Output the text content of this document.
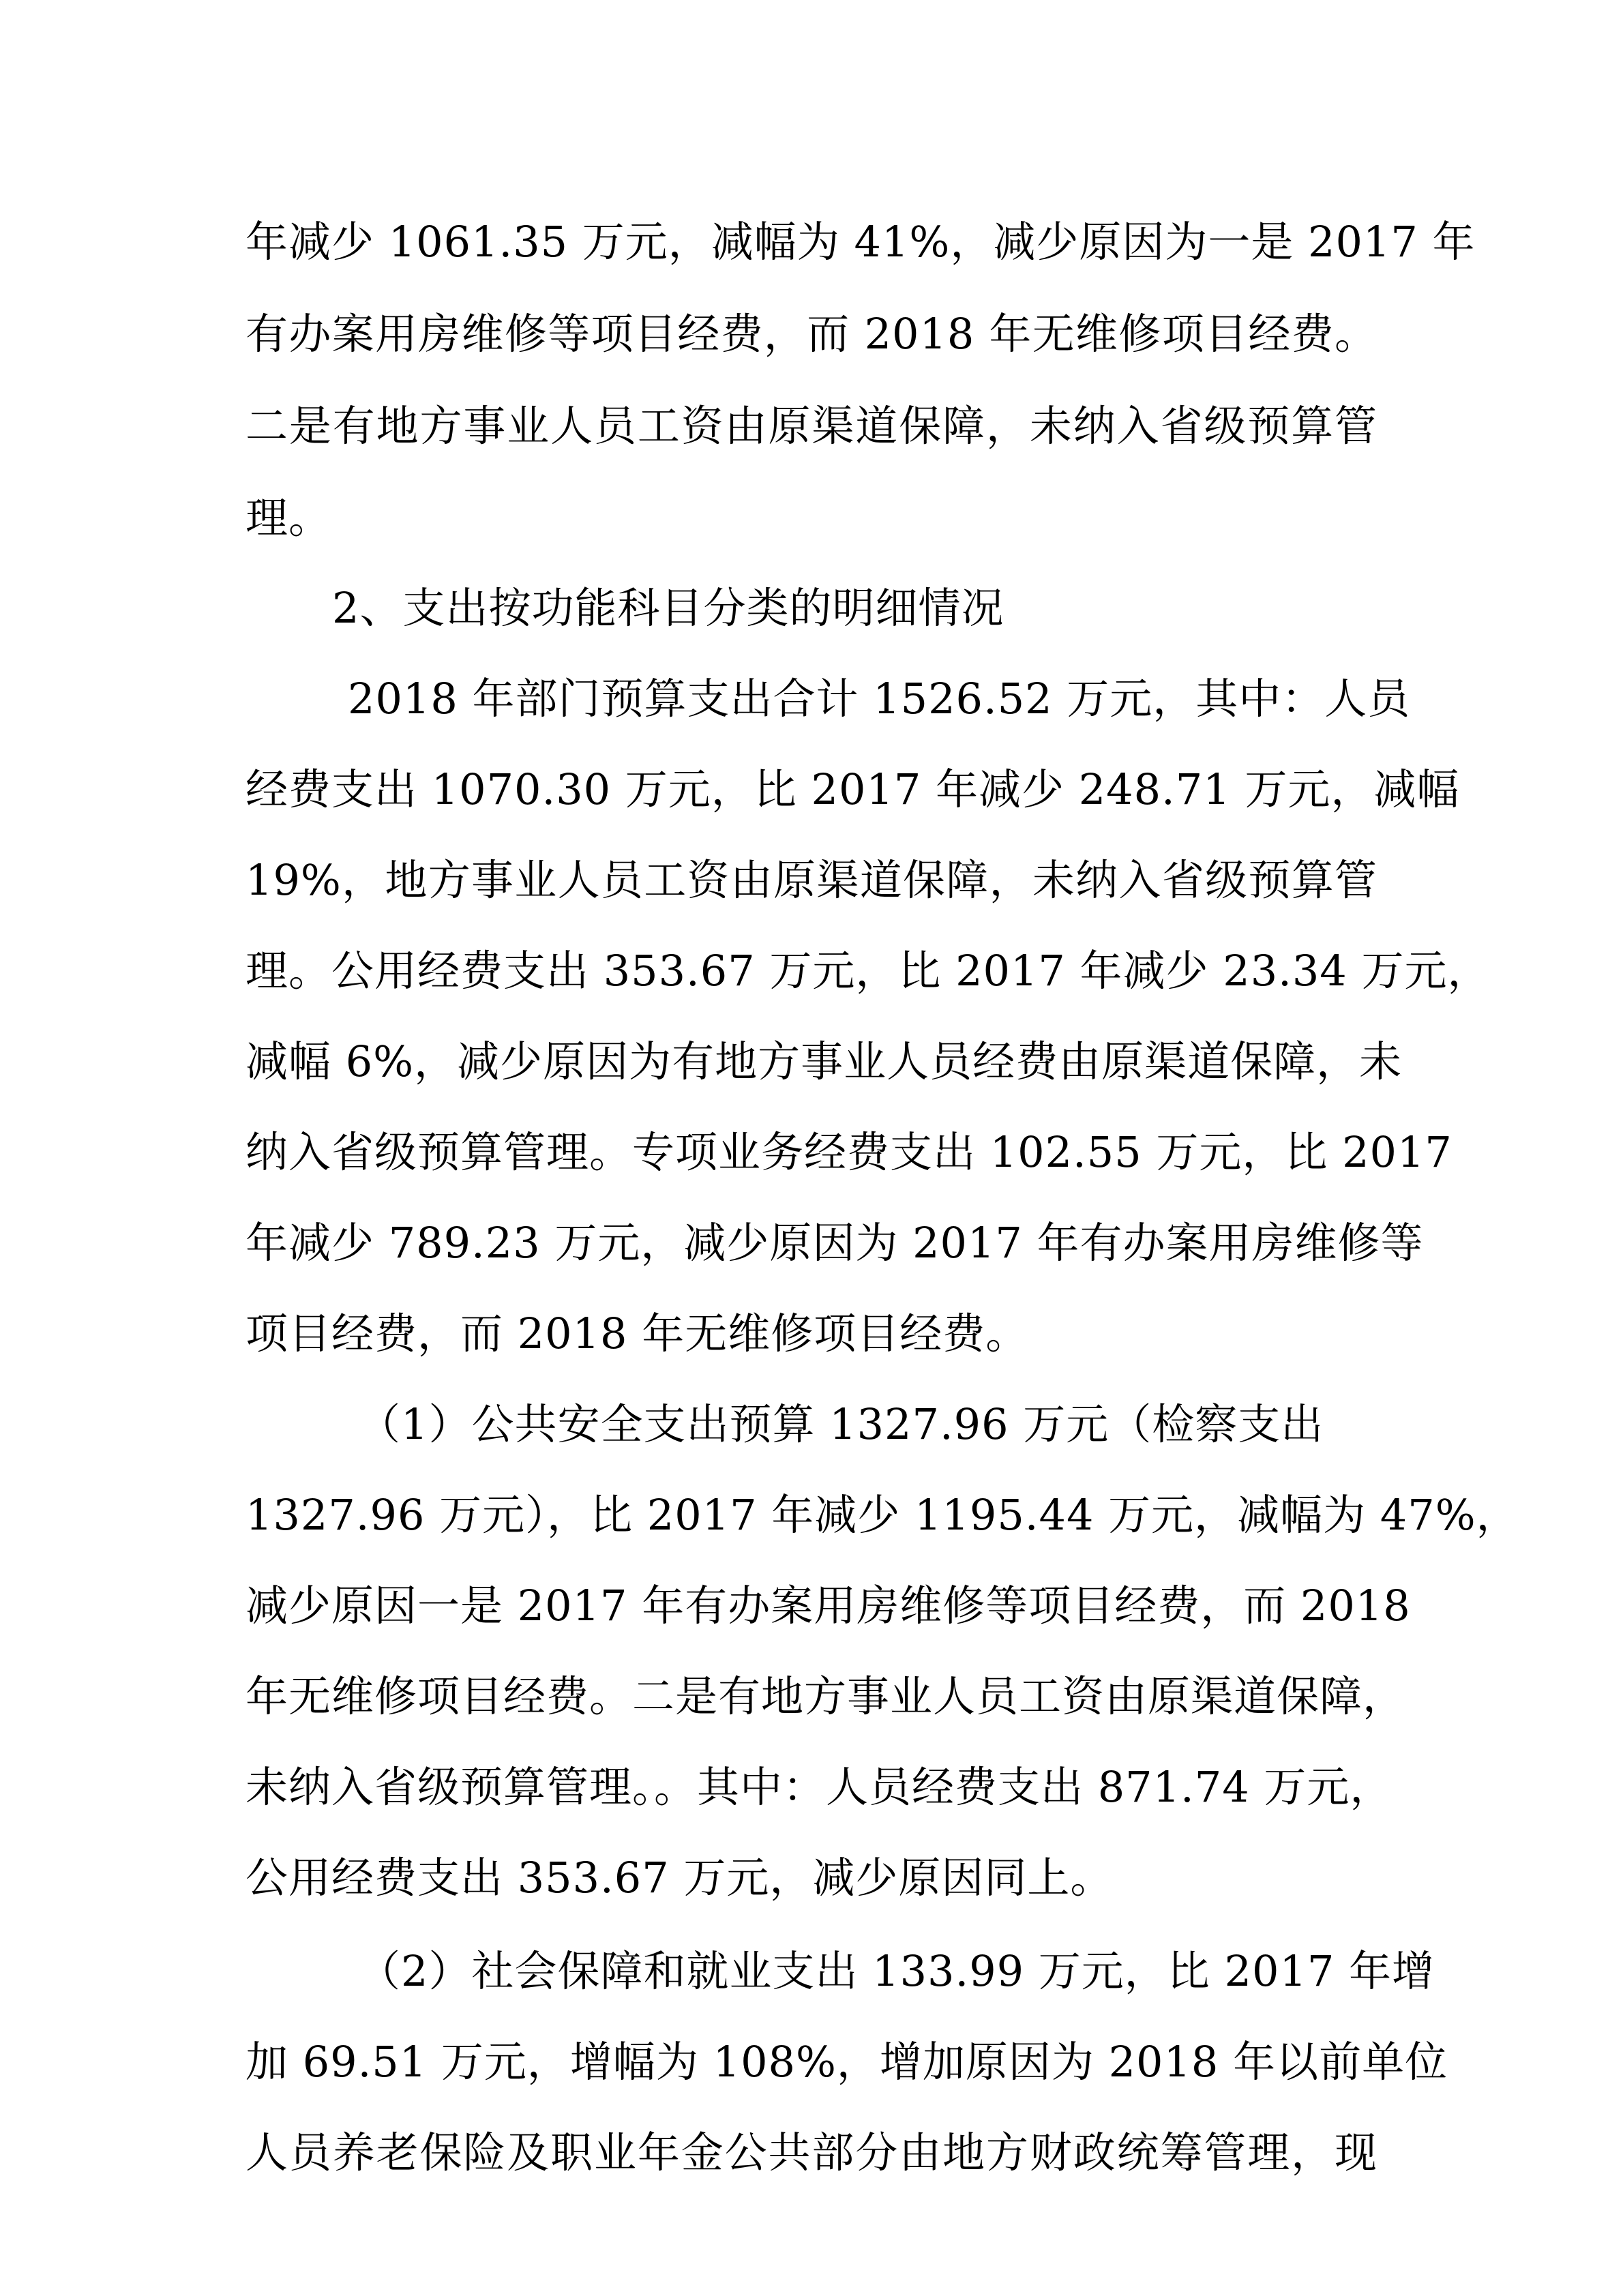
年减少 1061.35 万元，减幅为 41%，减少原因为一是 2017 年
有办案用房维修等项目经费，而 2018 年无维修项目经费。
二是有地方事业人员工资由原渠道保障，未纳入省级预算管
理。
2、支出按功能科目分类的明细情况
2018 年部门预算支出合计 1526.52 万元，其中：人员
经费支出 1070.30 万元，比 2017 年减少 248.71 万元，减幅
19%，地方事业人员工资由原渠道保障，未纳入省级预算管
理。公用经费支出 353.67 万元，比 2017 年减少 23.34 万元，
减幅 6%，减少原因为有地方事业人员经费由原渠道保障，未
纳入省级预算管理。专项业务经费支出 102.55 万元，比 2017
年减少 789.23 万元，减少原因为 2017 年有办案用房维修等
项目经费，而 2018 年无维修项目经费。
（1）公共安全支出预算 1327.96 万元（检察支出
1327.96 万元），比 2017 年减少 1195.44 万元，减幅为 47%，
减少原因一是 2017 年有办案用房维修等项目经费，而 2018
年无维修项目经费。二是有地方事业人员工资由原渠道保障，
未纳入省级预算管理。。其中：人员经费支出 871.74 万元，
公用经费支出 353.67 万元，减少原因同上。
（2）社会保障和就业支出 133.99 万元，比 2017 年增
加 69.51 万元，增幅为 108%，增加原因为 2018 年以前单位
人员养老保险及职业年金公共部分由地方财政统筹管理，现
